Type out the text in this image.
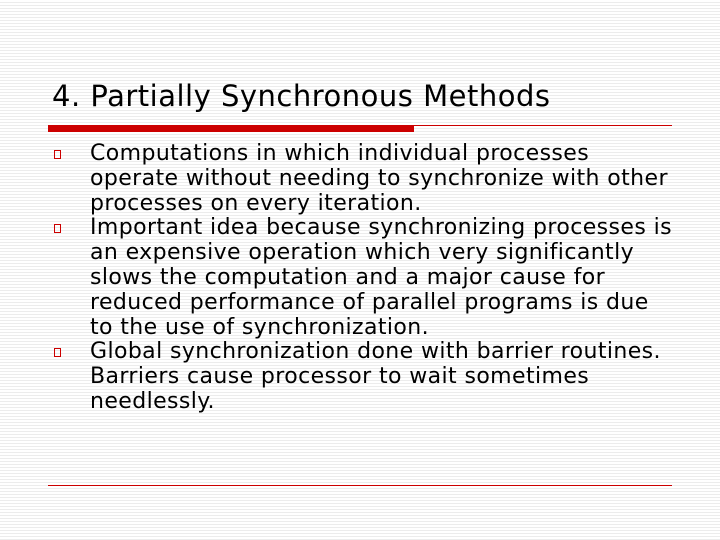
4. Partially Synchronous Methods
Computations in which individual processes operate without needing to synchronize with other processes on every iteration.
Important idea because synchronizing processes is an expensive operation which very significantly slows the computation and a major cause for reduced performance of parallel programs is due to the use of synchronization.
Global synchronization done with barrier routines. Barriers cause processor to wait sometimes needlessly.
